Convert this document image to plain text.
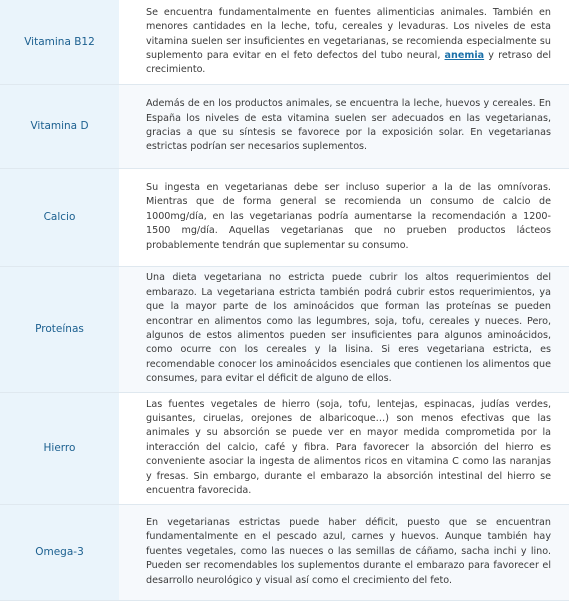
Vitamina B12	Se encuentra fundamentalmente en fuentes alimenticias animales. También en menores cantidades en la leche, tofu, cereales y levaduras. Los niveles de esta vitamina suelen ser insuficientes en vegetarianas, se recomienda especialmente su suplemento para evitar en el feto defectos del tubo neural, anemia y retraso del crecimiento.
Vitamina D	Además de en los productos animales, se encuentra la leche, huevos y cereales. En España los niveles de esta vitamina suelen ser adecuados en las vegetarianas, gracias a que su síntesis se favorece por la exposición solar. En vegetarianas estrictas podrían ser necesarios suplementos.
Calcio	Su ingesta en vegetarianas debe ser incluso superior a la de las omnívoras. Mientras que de forma general se recomienda un consumo de calcio de 1000mg/día, en las vegetarianas podría aumentarse la recomendación a 1200-1500 mg/día. Aquellas vegetarianas que no prueben productos lácteos probablemente tendrán que suplementar su consumo.
Proteínas	Una dieta vegetariana no estricta puede cubrir los altos requerimientos del embarazo. La vegetariana estricta también podrá cubrir estos requerimientos, ya que la mayor parte de los aminoácidos que forman las proteínas se pueden encontrar en alimentos como las legumbres, soja, tofu, cereales y nueces. Pero, algunos de estos alimentos pueden ser insuficientes para algunos aminoácidos, como ocurre con los cereales y la lisina. Si eres vegetariana estricta, es recomendable conocer los aminoácidos esenciales que contienen los alimentos que consumes, para evitar el déficit de alguno de ellos.
Hierro	Las fuentes vegetales de hierro (soja, tofu, lentejas, espinacas, judías verdes, guisantes, ciruelas, orejones de albaricoque…) son menos efectivas que las animales y su absorción se puede ver en mayor medida comprometida por la interacción del calcio, café y fibra. Para favorecer la absorción del hierro es conveniente asociar la ingesta de alimentos ricos en vitamina C como las naranjas y fresas. Sin embargo, durante el embarazo la absorción intestinal del hierro se encuentra favorecida.
Omega-3	En vegetarianas estrictas puede haber déficit, puesto que se encuentran fundamentalmente en el pescado azul, carnes y huevos. Aunque también hay fuentes vegetales, como las nueces o las semillas de cáñamo, sacha inchi y lino. Pueden ser recomendables los suplementos durante el embarazo para favorecer el desarrollo neurológico y visual así como el crecimiento del feto.
